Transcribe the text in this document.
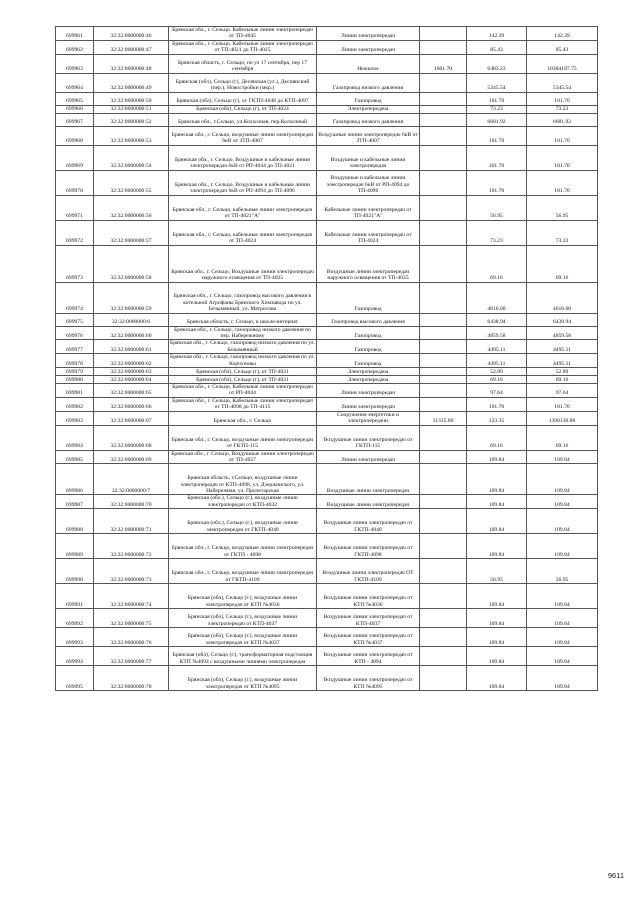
699961	32:32:0000000:46	Брянская обл., г. Сельцо. Кабельные линии электропередач от ТП-4045	Линии электропередач		142.39	142.39
699962	32:32:0000000:47	Брянская обл., г. Сельцо. Кабельные линии электропередач от ТП-4021 до ТП-4025	Линии электропередач		85.43	85.43
699963	32:32:0000000:48	Брянская область, г. Сельцо, по ул 17 сентября, пер 17 сентября	Нежилое	1601.70	6483.23	10384187.75
699964	32:32:0000000:49	Брянская (обл), Сельцо (г), Десянская (ул.), Деснянский (пер.), Новостройки (мкр.)	Газопровод низкого давления		5345.54	5345.54
699965	32:32:0000000:50	Брянская (обл), Сельцо (г), от ГКТП-4048 до КТП-4097	Газопровод		101.70	101.70
699966	32:32:0000000:51	Брянская (обл), Сельцо (г), от ТП-4024	Электропередача		73.23	73.23
699967	32:32:0000000:52	Брянская обл., г.Сельцо, ул.Колхозная, пер.Колхозный	Газопровод низкого давления		6681.92	6681.92
699968	32:32:0000000:53	Брянская обл., г. Сельцо, воздушные линии электропередач 6кВ от ЗТП-4007	Воздушные линии электропередач 6кВ от ЗТП-4007		101.70	101.70
699969	32:32:0000000:54	Брянская обл., г. Сельцо, Воздушные и кабельные линии электропередач 6кВ от РП-4044 до ТП-4021	Воздушные и кабельные линии электропередач		101.70	101.70
699970	32:32:0000000:55	Брянская обл., г. Сельцо, Воздушные и кабельные линии электропередач 6кВ от РП-4094 до ТП-4096	Воздушные и кабельные линии электропередач 6кВ от РП-4094 до ТП-4096		101.70	101.70
699971	32:32:0000000:56	Брянская обл., г. Сельцо, кабельные линии электропередач от ТП-4021"А"	Кабельные линии электропередач от ТП-4021"А"		56.95	56.95
699972	32:32:0000000:57	Брянская обл., г. Сельцо, кабельные линии электропередач от ТП-4024	Кабельные линии электропередач от ТП-4024		73.23	73.23
699973	32:32:0000000:58	Брянская обл., г. Сельцо, Воздушные линии электропередач наружного освещения от ТП-4025	Воздушные линии электропередач наружного освещения от ТП-4025		69.16	69.16
699974	32:32:0000000:59	Брянская обл., г. Сельцо, газопровод высокого давления в котельной Агрофаны Брянского Химзавода по ул. Безымянный, ул. Матросова	Газопровод		4616.60	4616.60
699975	32:32:0000000:6	Брянская область, г. Сельцо, к школе-интернат	Газопровод высокого давления		6438.94	6438.94
699976	32:32:0000000:60	Брянская обл., г. Сельцо, газопровод низкого давления по пер. Набережному	Газопровод		4859.58	4859.58
699977	32:32:0000000:61	Брянская обл., г. Сельцо, газопровод низкого давления по ул. Безымянный	Газопровод		4495.11	4495.11
699978	32:32:0000000:62	Брянская обл., г. Сельцо, газопровод низкого давления по ул. Корчуновы	Газопровод		4495.11	4495.11
699979	32:32:0000000:63	Брянская (обл), Сельцо (г), от ТП-4021	Электропередача		52.89	52.89
699980	32:32:0000000:64	Брянская (обл), Сельцо (г), от ТП-4021	Электропередача		69.16	69.16
699981	32:32:0000000:65	Брянская обл., г. Сельцо, Кабельные линии электропередач от РП-4044	Линии электропередач		97.64	97.64
699982	32:32:0000000:66	Брянская обл., г. Сельцо, Кабельные линии электропередач от ТП-4098 до ТП-4115	Линии электропередач		101.70	101.70
699983	32:32:0000000:67	Брянская обл., г. Сельцо	Сооружения энергетики и электропередачи	11335.00	123.35	1398130.88
699984	32:32:0000000:68	Брянская обл., г. Сельцо, воздушные линии электропередач от ГКТП-115	Воздушные линии электропередач от ГКТП-115		69.16	69.16
699985	32:32:0000000:69	Брянская обл., г. Сельцо, Воздушные линии электропередач от ТП-4027	Линии электропередач		109.84	109.84
699986	32:32:0000000:7	Брянская область, г.Сельцо, воздушные линии электропередач от КТП-4098, ул. Дзержинского, ул. Набережная, ул. Пролетарская	Воздушные линии электропередач		109.84	109.84
699987	32:32:0000000:70	Брянская (обл.), Сельцо (г.), воздушные линии электропередач от КТП-4032	Воздушные линии электропередач		109.84	109.84
699988	32:32:0000000:71	Брянская (обл.), Сельцо (г.), воздушные линии электропередач от ГКТП-4040	Воздушные линии электропередач от ГКТП-4040		109.84	109.84
699989	32:32:0000000:72	Брянская обл., г. Сельцо, воздушные линии электропередач от ГКТП - 4098	Воздушные линии электропередач от ГКТП-4098		109.84	109.84
699990	32:32:0000000:73	Брянская обл., г. Сельцо, воздушные линии электропередач от ГКТП-4109	Воздушные линии электропередач ОТ ГКТП-4109		56.95	56.95
699991	32:32:0000000:74	Брянская (обл), Сельцо (г.), воздушные линии электропередач от КТП №4036	Воздушные линии электропередач от КТП №4036		109.84	109.84
699992	32:32:0000000:75	Брянская (обл), Сельцо (г.), воздушные линии электропередач от КТП-4037	Воздушные линии электропередач от КТП-4037		109.84	109.84
699993	32:32:0000000:76	Брянская (обл), Сельцо (г.), воздушные линии электропередач от КТП №4037	Воздушные линии электропередач от КТП №4037		109.84	109.84
699994	32:32:0000000:77	Брянская (обл), Сельцо (г.), трансформаторная подстанция КТП №4094 с воздушными линиями электропередач	Воздушные линии электропередач от КТП - 4094		109.84	109.84
699995	32:32:0000000:78	Брянская (обл), Сельцо (г.), воздушные линии электропередач от КТП №4095	Воздушные линии электропередач от КТП №4095		109.84	109.84
9611
